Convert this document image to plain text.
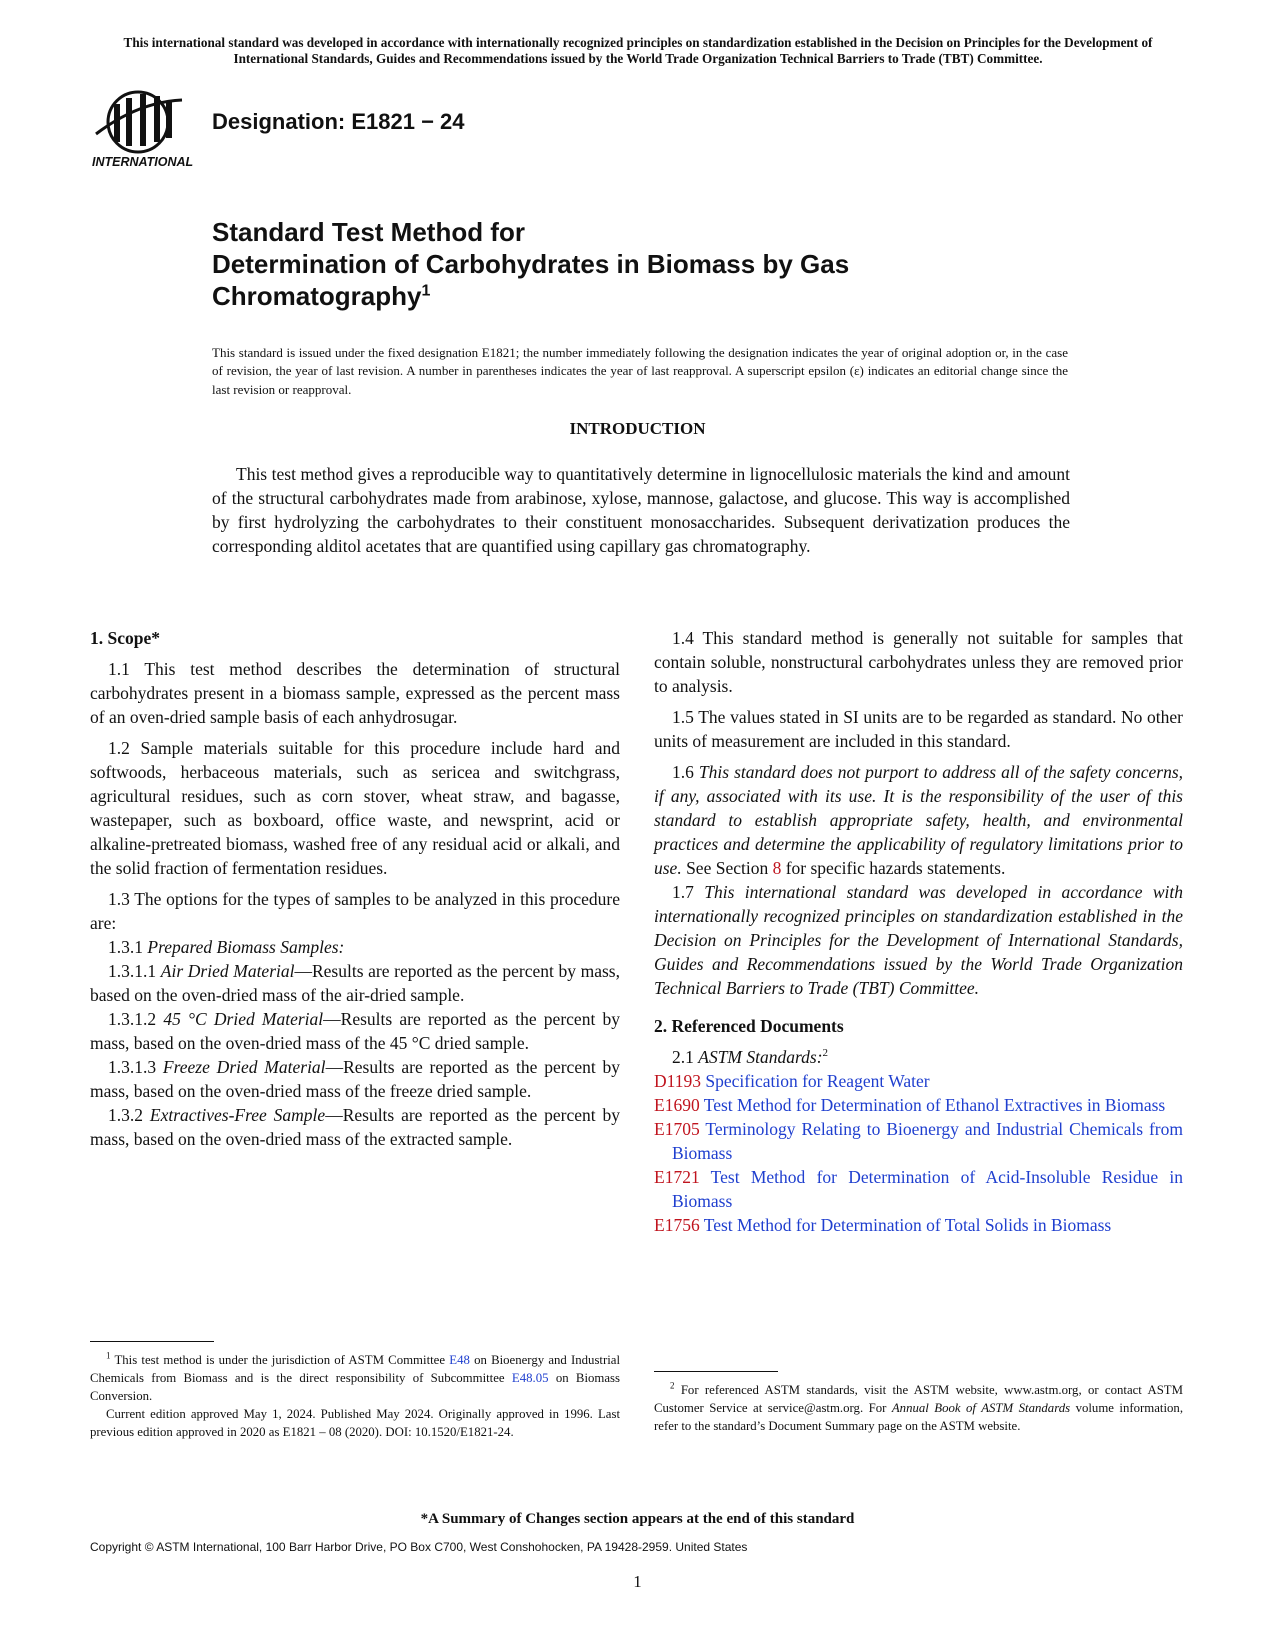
This international standard was developed in accordance with internationally recognized principles on standardization established in the Decision on Principles for the Development of International Standards, Guides and Recommendations issued by the World Trade Organization Technical Barriers to Trade (TBT) Committee.
INTERNATIONAL
Designation: E1821 − 24
Standard Test Method for
Determination of Carbohydrates in Biomass by Gas
Chromatography$^1$
This standard is issued under the fixed designation E1821; the number immediately following the designation indicates the year of original adoption or, in the case of revision, the year of last revision. A number in parentheses indicates the year of last reapproval. A superscript epsilon (ε) indicates an editorial change since the last revision or reapproval.
INTRODUCTION

This test method gives a reproducible way to quantitatively determine in lignocellulosic materials the kind and amount of the structural carbohydrates made from arabinose, xylose, mannose, galactose, and glucose. This way is accomplished by first hydrolyzing the carbohydrates to their constituent monosaccharides. Subsequent derivatization produces the corresponding alditol acetates that are quantified using capillary gas chromatography.

1. Scope*

1.1 This test method describes the determination of structural carbohydrates present in a biomass sample, expressed as the percent mass of an oven-dried sample basis of each anhydrosugar.

1.2 Sample materials suitable for this procedure include hard and softwoods, herbaceous materials, such as sericea and switchgrass, agricultural residues, such as corn stover, wheat straw, and bagasse, wastepaper, such as boxboard, office waste, and newsprint, acid or alkaline-pretreated biomass, washed free of any residual acid or alkali, and the solid fraction of fermentation residues.

1.3 The options for the types of samples to be analyzed in this procedure are:

1.3.1 Prepared Biomass Samples:

1.3.1.1 Air Dried Material—Results are reported as the percent by mass, based on the oven-dried mass of the air-dried sample.

1.3.1.2 45 °C Dried Material—Results are reported as the percent by mass, based on the oven-dried mass of the 45 °C dried sample.

1.3.1.3 Freeze Dried Material—Results are reported as the percent by mass, based on the oven-dried mass of the freeze dried sample.

1.3.2 Extractives-Free Sample—Results are reported as the percent by mass, based on the oven-dried mass of the extracted sample.

1.4 This standard method is generally not suitable for samples that contain soluble, nonstructural carbohydrates unless they are removed prior to analysis.

1.5 The values stated in SI units are to be regarded as standard. No other units of measurement are included in this standard.

1.6 This standard does not purport to address all of the safety concerns, if any, associated with its use. It is the responsibility of the user of this standard to establish appropriate safety, health, and environmental practices and determine the applicability of regulatory limitations prior to use. See Section 8 for specific hazards statements.

1.7 This international standard was developed in accordance with internationally recognized principles on standardization established in the Decision on Principles for the Development of International Standards, Guides and Recommendations issued by the World Trade Organization Technical Barriers to Trade (TBT) Committee.

2. Referenced Documents

2.1 ASTM Standards:$^2$

D1193 Specification for Reagent Water
E1690 Test Method for Determination of Ethanol Extractives in Biomass
E1705 Terminology Relating to Bioenergy and Industrial Chemicals from Biomass
E1721 Test Method for Determination of Acid-Insoluble Residue in Biomass
E1756 Test Method for Determination of Total Solids in Biomass

$^1$ This test method is under the jurisdiction of ASTM Committee E48 on Bioenergy and Industrial Chemicals from Biomass and is the direct responsibility of Subcommittee E48.05 on Biomass Conversion.

Current edition approved May 1, 2024. Published May 2024. Originally approved in 1996. Last previous edition approved in 2020 as E1821 – 08 (2020). DOI: 10.1520/E1821-24.

$^2$ For referenced ASTM standards, visit the ASTM website, www.astm.org, or contact ASTM Customer Service at service@astm.org. For Annual Book of ASTM Standards volume information, refer to the standard’s Document Summary page on the ASTM website.

*A Summary of Changes section appears at the end of this standard
Copyright © ASTM International, 100 Barr Harbor Drive, PO Box C700, West Conshohocken, PA 19428-2959. United States
1
